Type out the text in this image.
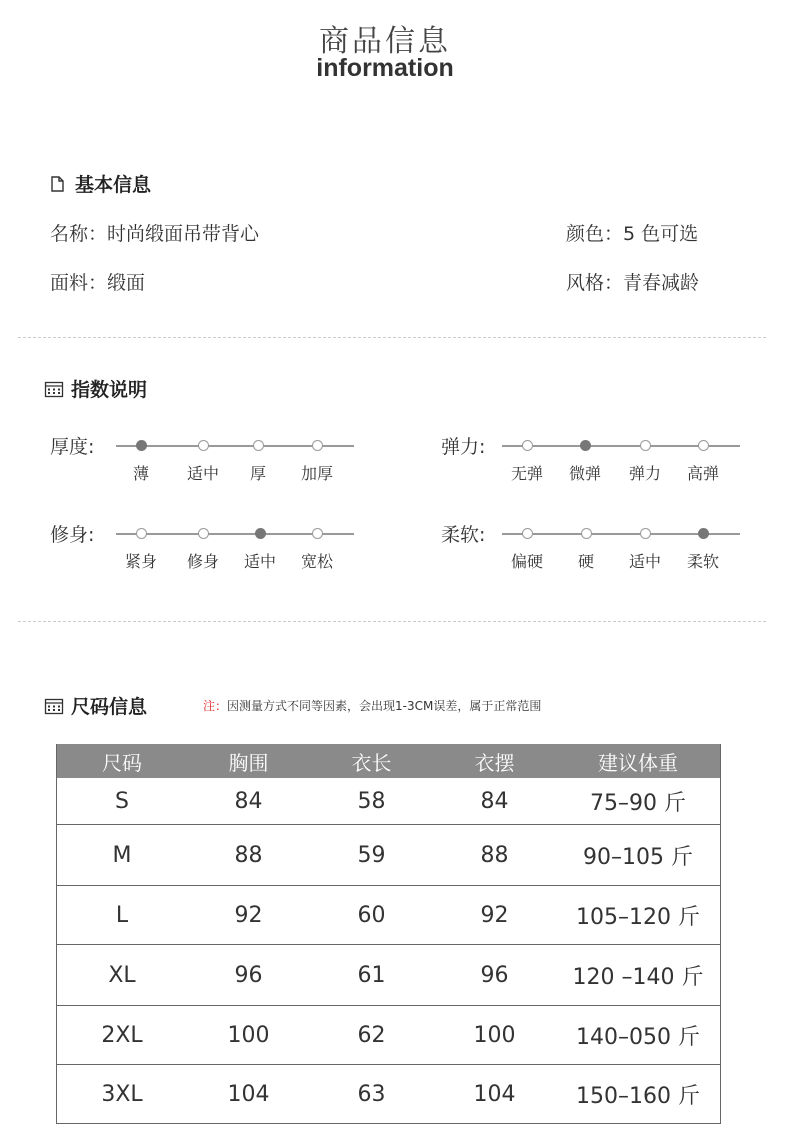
商品信息
information
基本信息
名称：时尚缎面吊带背心
面料：缎面
颜色：5 色可选
风格：青春减龄
指数说明
厚度:
薄	适中	厚	加厚
弹力:
无弹	微弹	弹力	高弹
修身:
紧身	修身	适中	宽松
柔软:
偏硬	硬	适中	柔软
尺码信息	注：因测量方式不同等因素，会出现1-3CM误差，属于正常范围
尺码	胸围	衣长	衣摆	建议体重
S	84	58	84	75–90 斤
M	88	59	88	90–105 斤
L	92	60	92	105–120 斤
XL	96	61	96	120 –140 斤
2XL	100	62	100	140–050 斤
3XL	104	63	104	150–160 斤
